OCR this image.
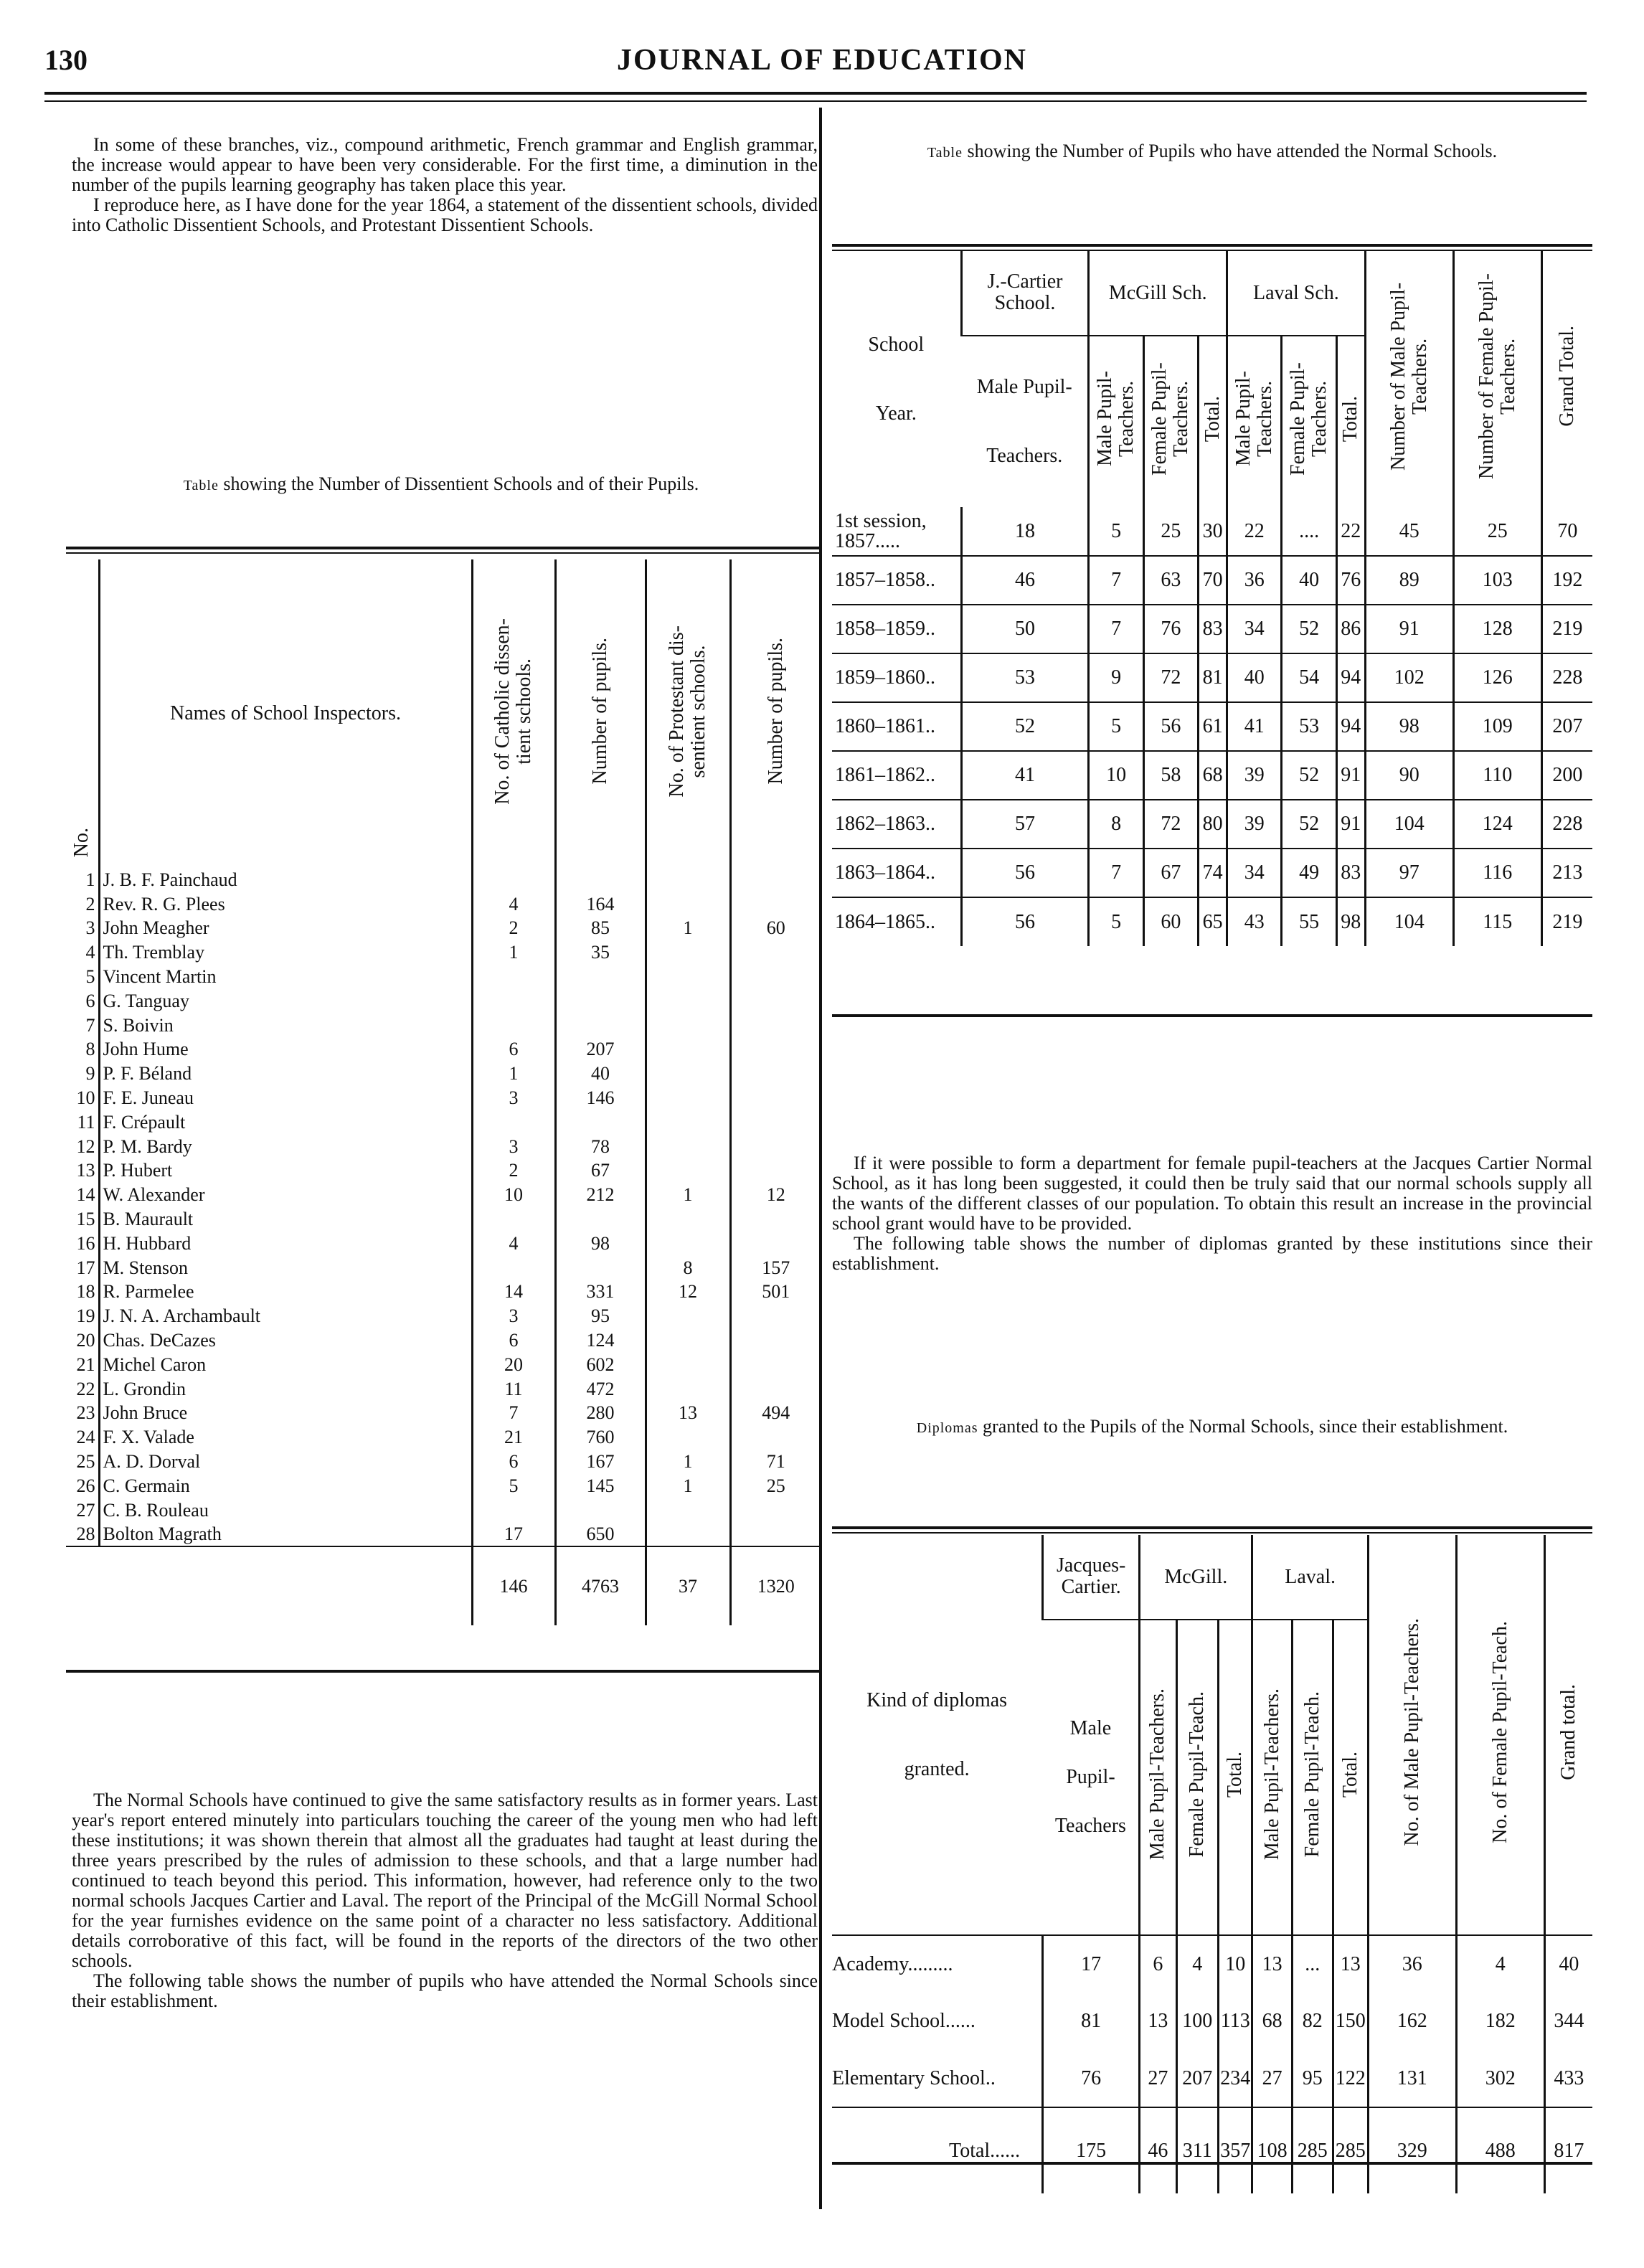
130	JOURNAL OF EDUCATION

In some of these branches, viz., compound arithmetic, French grammar and English grammar, the increase would appear to have been very considerable. For the first time, a diminution in the number of the pupils learning geography has taken place this year.

I reproduce here, as I have done for the year 1864, a statement of the dissentient schools, divided into Catholic Dissentient Schools, and Protestant Dissentient Schools.

Table showing the Number of Dissentient Schools and of their Pupils.
No.	Names of School Inspectors.	No. of Catholic dissen-
tient schools.	Number of pupils.	No. of Protestant dis-
sentient schools.	Number of pupils.
1	J. B. F. Painchaud				
2	Rev. R. G. Plees	4	164		
3	John Meagher	2	85	1	60
4	Th. Tremblay	1	35		
5	Vincent Martin				
6	G. Tanguay				
7	S. Boivin				
8	John Hume	6	207		
9	P. F. Béland	1	40		
10	F. E. Juneau	3	146		
11	F. Crépault				
12	P. M. Bardy	3	78		
13	P. Hubert	2	67		
14	W. Alexander	10	212	1	12
15	B. Maurault				
16	H. Hubbard	4	98		
17	M. Stenson			8	157
18	R. Parmelee	14	331	12	501
19	J. N. A. Archambault	3	95		
20	Chas. DeCazes	6	124		
21	Michel Caron	20	602		
22	L. Grondin	11	472		
23	John Bruce	7	280	13	494
24	F. X. Valade	21	760		
25	A. D. Dorval	6	167	1	71
26	C. Germain	5	145	1	25
27	C. B. Rouleau				
28	Bolton Magrath	17	650		
		146	4763	37	1320

The Normal Schools have continued to give the same satisfactory results as in former years. Last year's report entered minutely into particulars touching the career of the young men who had left these institutions; it was shown therein that almost all the graduates had taught at least during the three years prescribed by the rules of admission to these schools, and that a large number had continued to teach beyond this period. This information, however, had reference only to the two normal schools Jacques Cartier and Laval. The report of the Principal of the McGill Normal School for the year furnishes evidence on the same point of a character no less satisfactory. Additional details corroborative of this fact, will be found in the reports of the directors of the two other schools.

The following table shows the number of pupils who have attended the Normal Schools since their establishment.

Table showing the Number of Pupils who have attended the Normal Schools.
School

Year.	J.-Cartier School.	McGill Sch.			Laval Sch.			Number of Male Pupil-Teachers.	Number of Female Pupil-Teachers.	Grand Total.
	Male Pupil-

Teachers.	Male Pupil-Teachers.	Female Pupil-Teachers.	Total.	Male Pupil-Teachers.	Female Pupil-Teachers.	Total.			
1st session, 1857.....	18	5	25	30	22	....	22	45	25	70
1857–1858..	46	7	63	70	36	40	76	89	103	192
1858–1859..	50	7	76	83	34	52	86	91	128	219
1859–1860..	53	9	72	81	40	54	94	102	126	228
1860–1861..	52	5	56	61	41	53	94	98	109	207
1861–1862..	41	10	58	68	39	52	91	90	110	200
1862–1863..	57	8	72	80	39	52	91	104	124	228
1863–1864..	56	7	67	74	34	49	83	97	116	213
1864–1865..	56	5	60	65	43	55	98	104	115	219

If it were possible to form a department for female pupil-teachers at the Jacques Cartier Normal School, as it has long been suggested, it could then be truly said that our normal schools supply all the wants of the different classes of our population. To obtain this result an increase in the provincial school grant would have to be provided.

The following table shows the number of diplomas granted by these institutions since their establishment.

Diplomas granted to the Pupils of the Normal Schools, since their establishment.
Kind of diplomas

granted.	Jacques-Cartier.	McGill.			Laval.			No. of Male Pupil-Teachers.	No. of Female Pupil-Teach.	Grand total.
	Male

Pupil-

Teachers	Male Pupil-Teachers.	Female Pupil-Teach.	Total.	Male Pupil-Teachers.	Female Pupil-Teach.	Total.			
Academy.........	17	6	4	10	13	...	13	36	4	40
Model School......	81	13	100	113	68	82	150	162	182	344
Elementary School..	76	27	207	234	27	95	122	131	302	433
Total......	175	46	311	357	108	285	285	329	488	817
